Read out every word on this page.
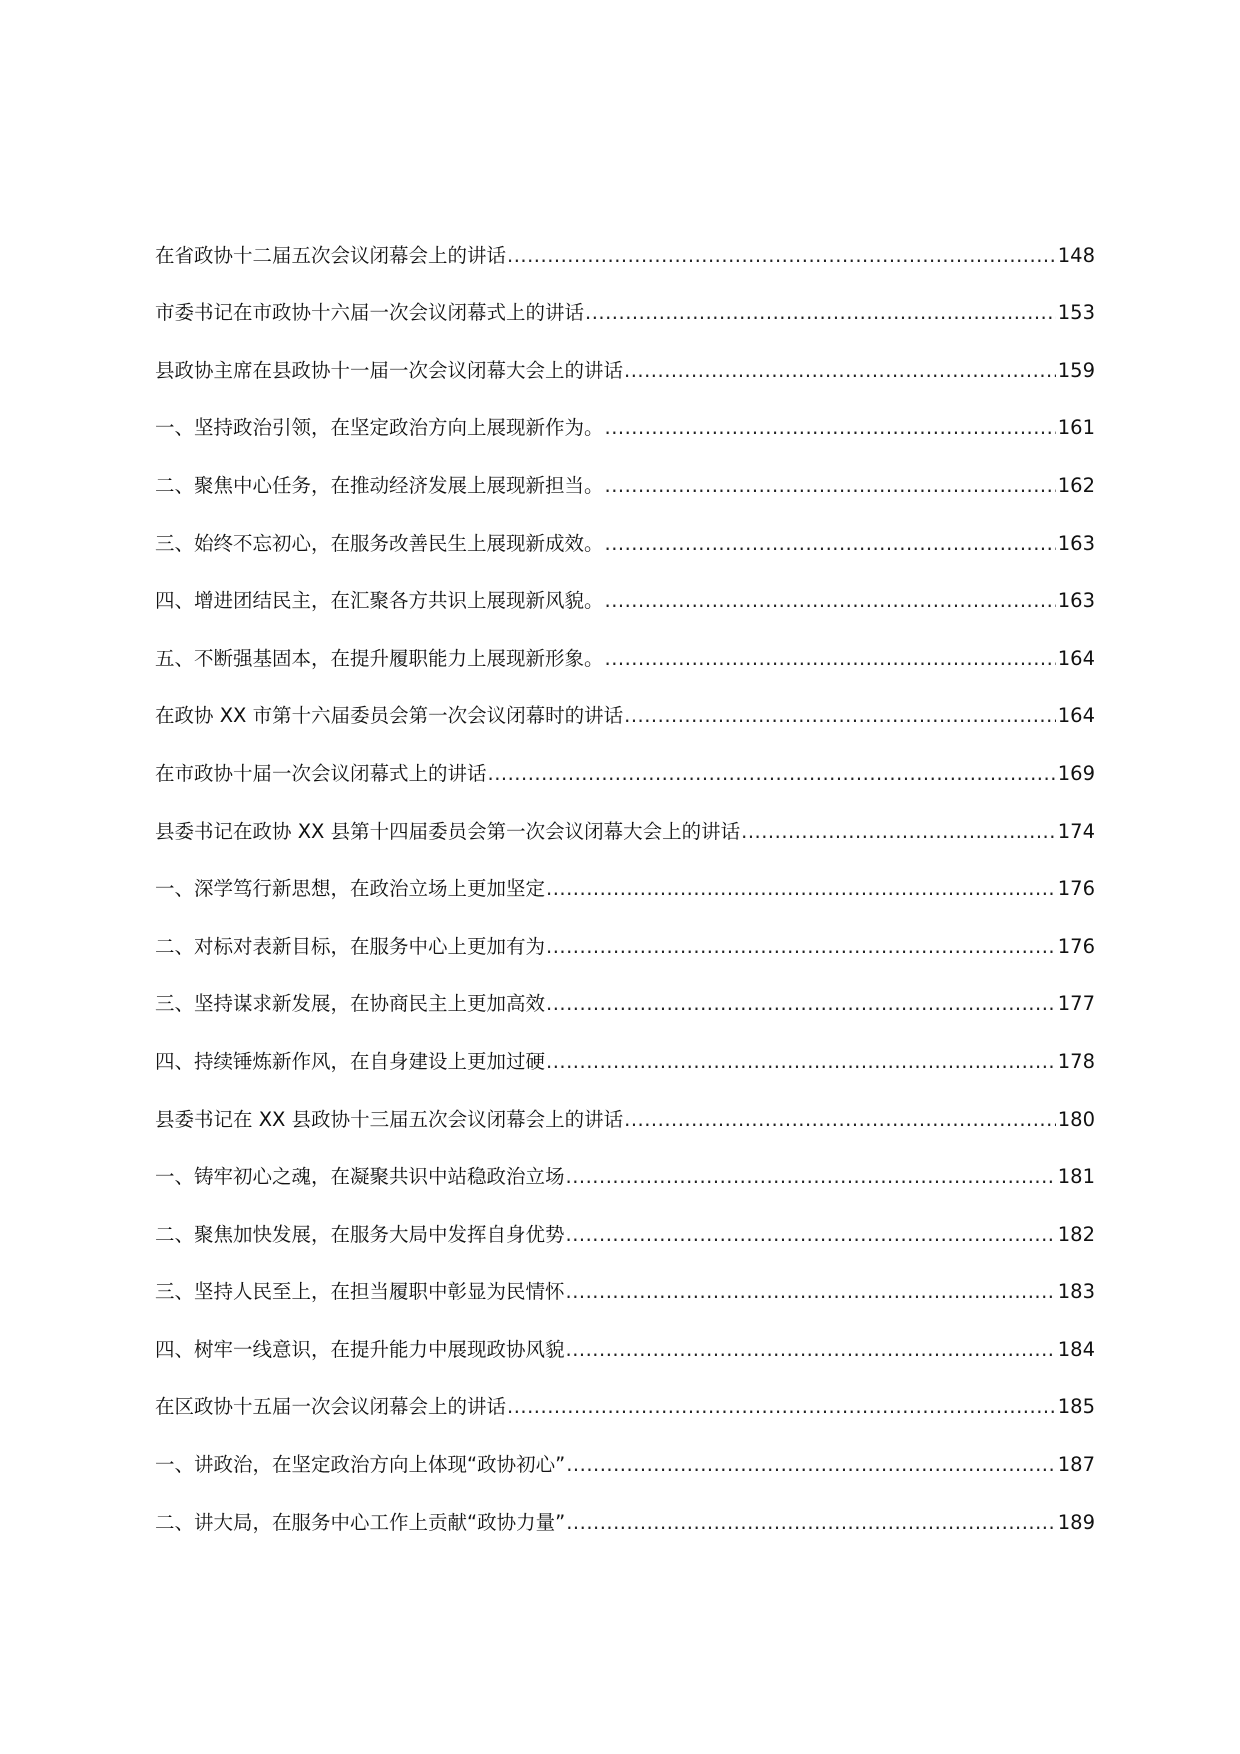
在省政协十二届五次会议闭幕会上的讲话 .....	148
市委书记在市政协十六届一次会议闭幕式上的讲话 .....	153
县政协主席在县政协十一届一次会议闭幕大会上的讲话 .....	159
一、坚持政治引领，在坚定政治方向上展现新作为。 .....	161
二、聚焦中心任务，在推动经济发展上展现新担当。 .....	162
三、始终不忘初心，在服务改善民生上展现新成效。 .....	163
四、增进团结民主，在汇聚各方共识上展现新风貌。 .....	163
五、不断强基固本，在提升履职能力上展现新形象。 .....	164
在政协 XX 市第十六届委员会第一次会议闭幕时的讲话 .....	164
在市政协十届一次会议闭幕式上的讲话 .....	169
县委书记在政协 XX 县第十四届委员会第一次会议闭幕大会上的讲话 .....	174
一、深学笃行新思想，在政治立场上更加坚定 .....	176
二、对标对表新目标，在服务中心上更加有为 .....	176
三、坚持谋求新发展，在协商民主上更加高效 .....	177
四、持续锤炼新作风，在自身建设上更加过硬 .....	178
县委书记在 XX 县政协十三届五次会议闭幕会上的讲话 .....	180
一、铸牢初心之魂，在凝聚共识中站稳政治立场 .....	181
二、聚焦加快发展，在服务大局中发挥自身优势 .....	182
三、坚持人民至上，在担当履职中彰显为民情怀 .....	183
四、树牢一线意识，在提升能力中展现政协风貌 .....	184
在区政协十五届一次会议闭幕会上的讲话 .....	185
一、讲政治，在坚定政治方向上体现“政协初心” .....	187
二、讲大局，在服务中心工作上贡献“政协力量” .....	189
